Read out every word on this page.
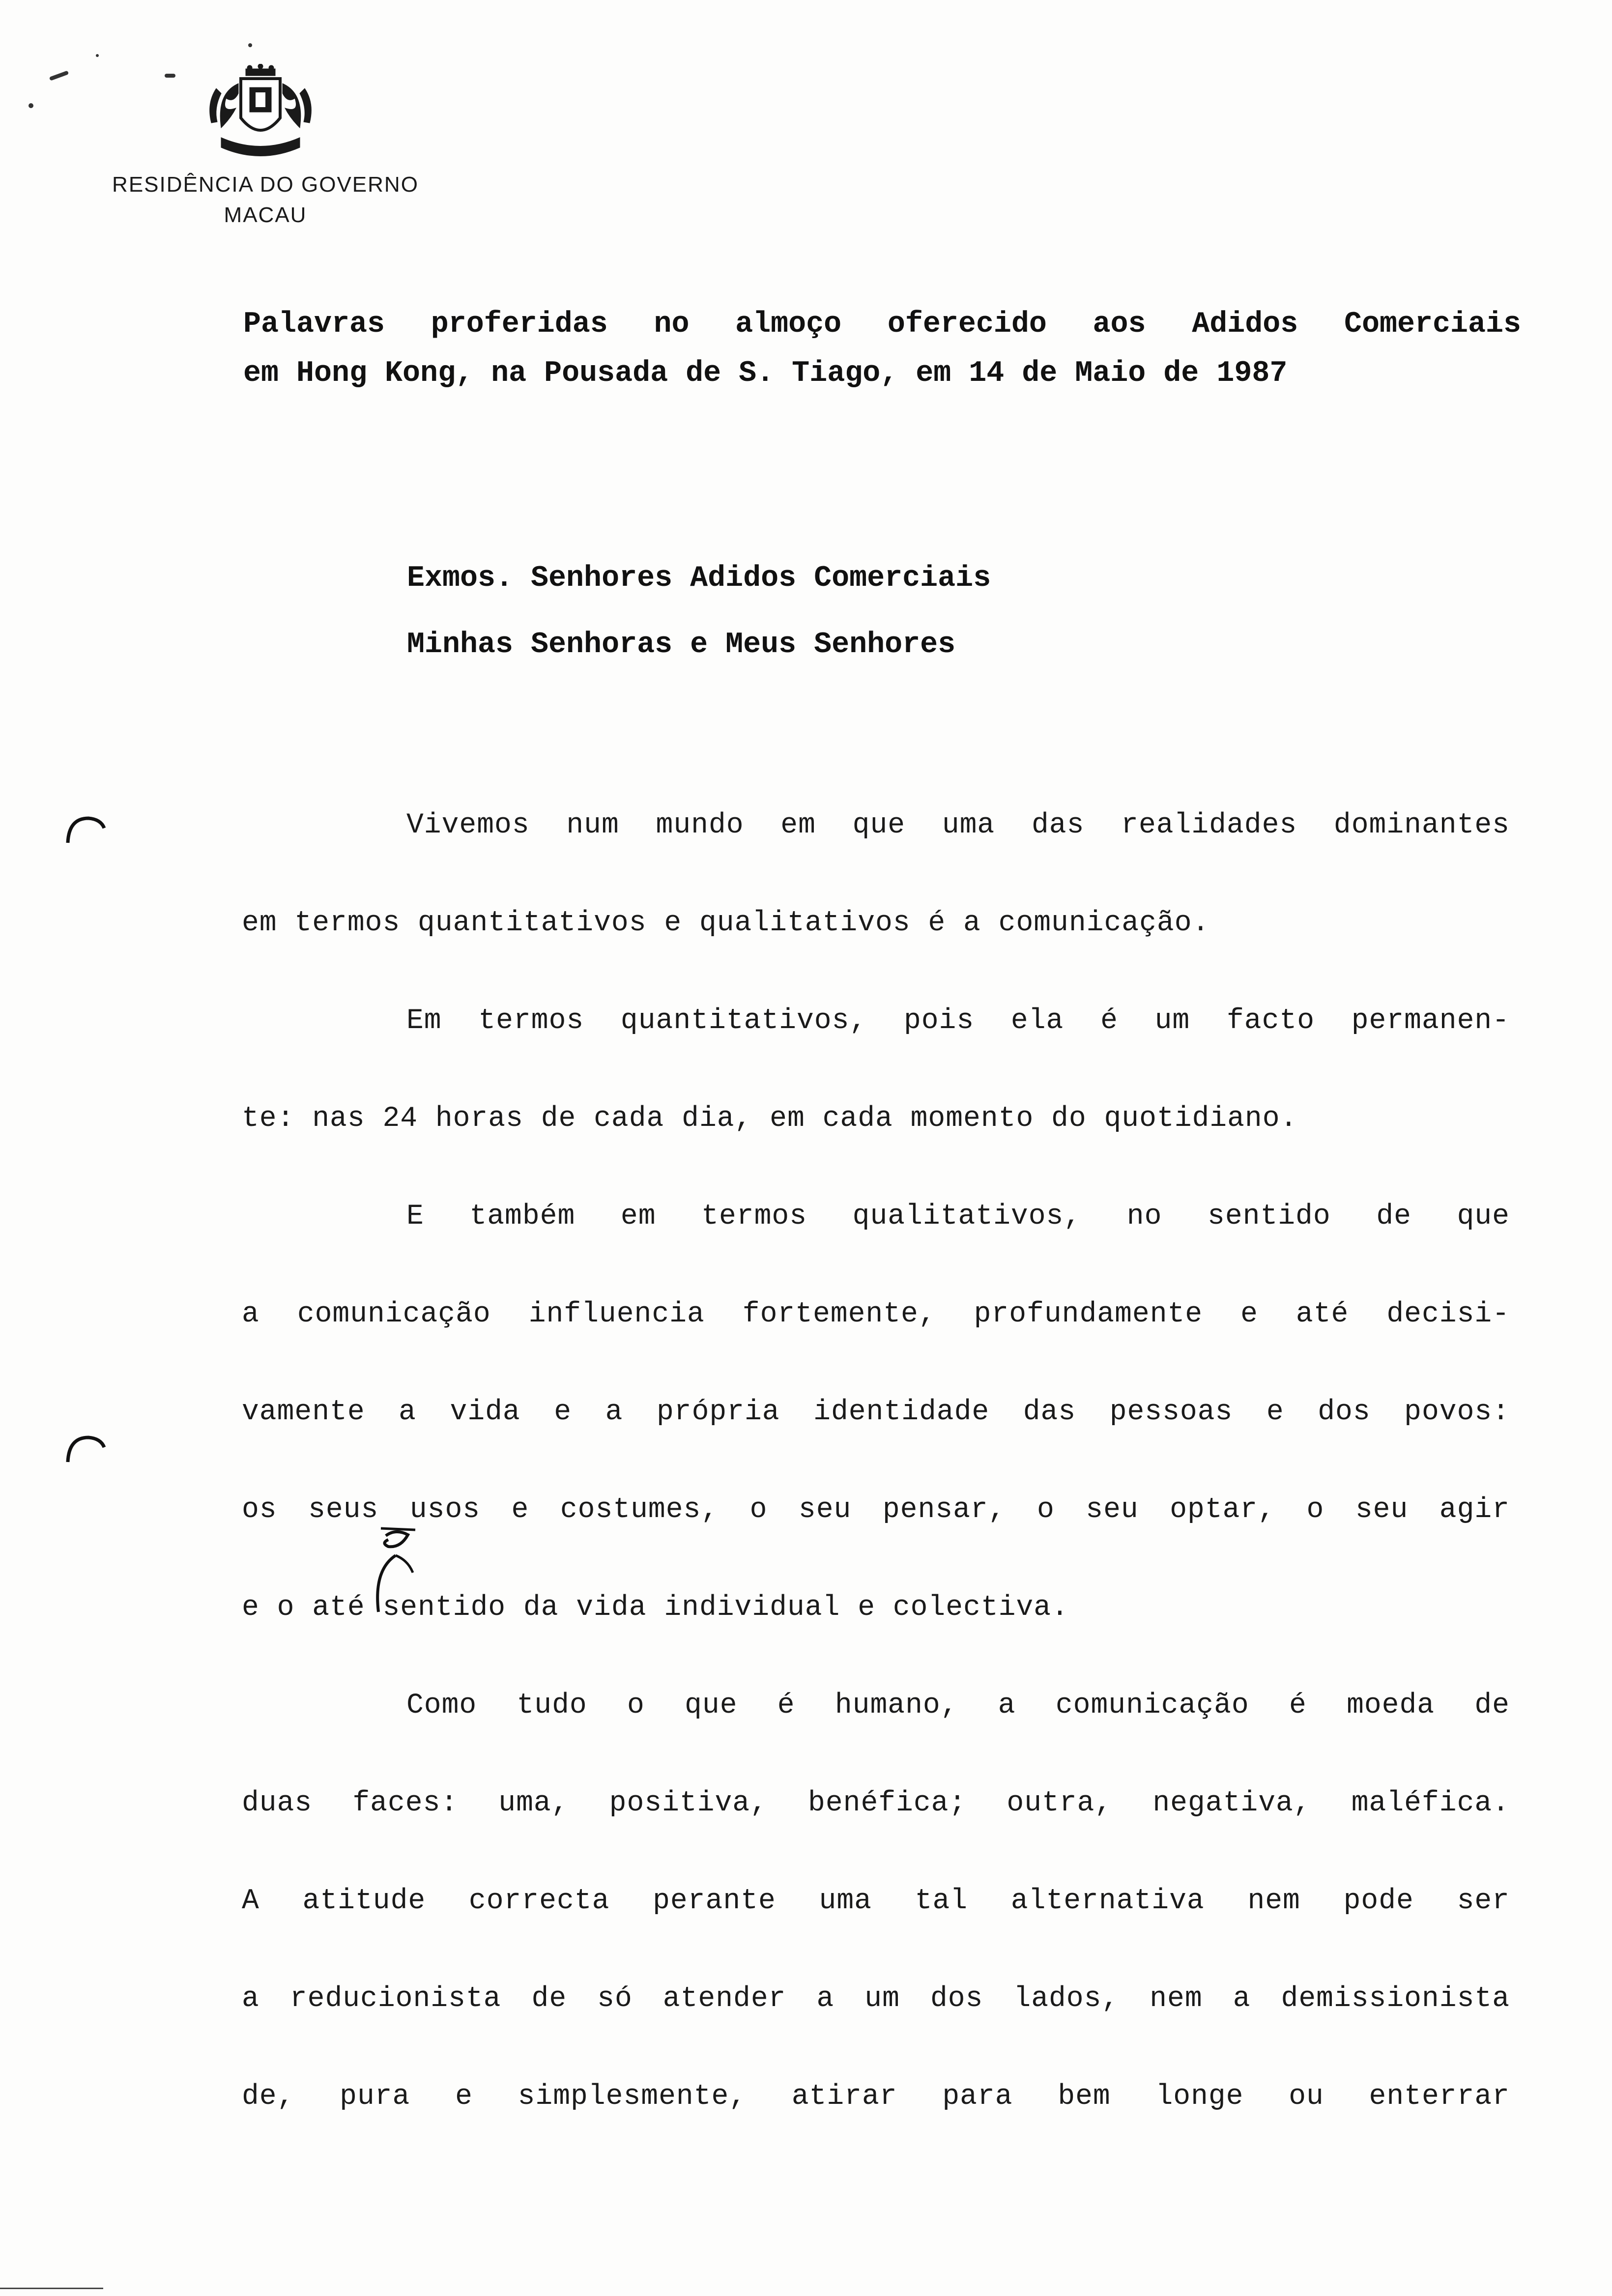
RESIDÊNCIA DO GOVERNO
MACAU
Palavras proferidas no almoço oferecido aos Adidos Comerciais
em Hong Kong, na Pousada de S. Tiago, em 14 de Maio de 1987
Exmos. Senhores Adidos Comerciais
Minhas Senhoras e Meus Senhores
Vivemos num mundo em que uma das realidades dominantes
em termos quantitativos e qualitativos é a comunicação.
Em termos quantitativos, pois ela é um facto permanen-
te: nas 24 horas de cada dia, em cada momento do quotidiano.
E também em termos qualitativos, no sentido de que
a comunicação influencia fortemente, profundamente e até decisi-
vamente a vida e a própria identidade das pessoas e dos povos:
os seus usos e costumes, o seu pensar, o seu optar, o seu agir
e o até sentido da vida individual e colectiva.
Como tudo o que é humano, a comunicação é moeda de
duas faces: uma, positiva, benéfica; outra, negativa, maléfica.
A atitude correcta perante uma tal alternativa nem pode ser
a reducionista de só atender a um dos lados, nem a demissionista
de, pura e simplesmente, atirar para bem longe ou enterrar
